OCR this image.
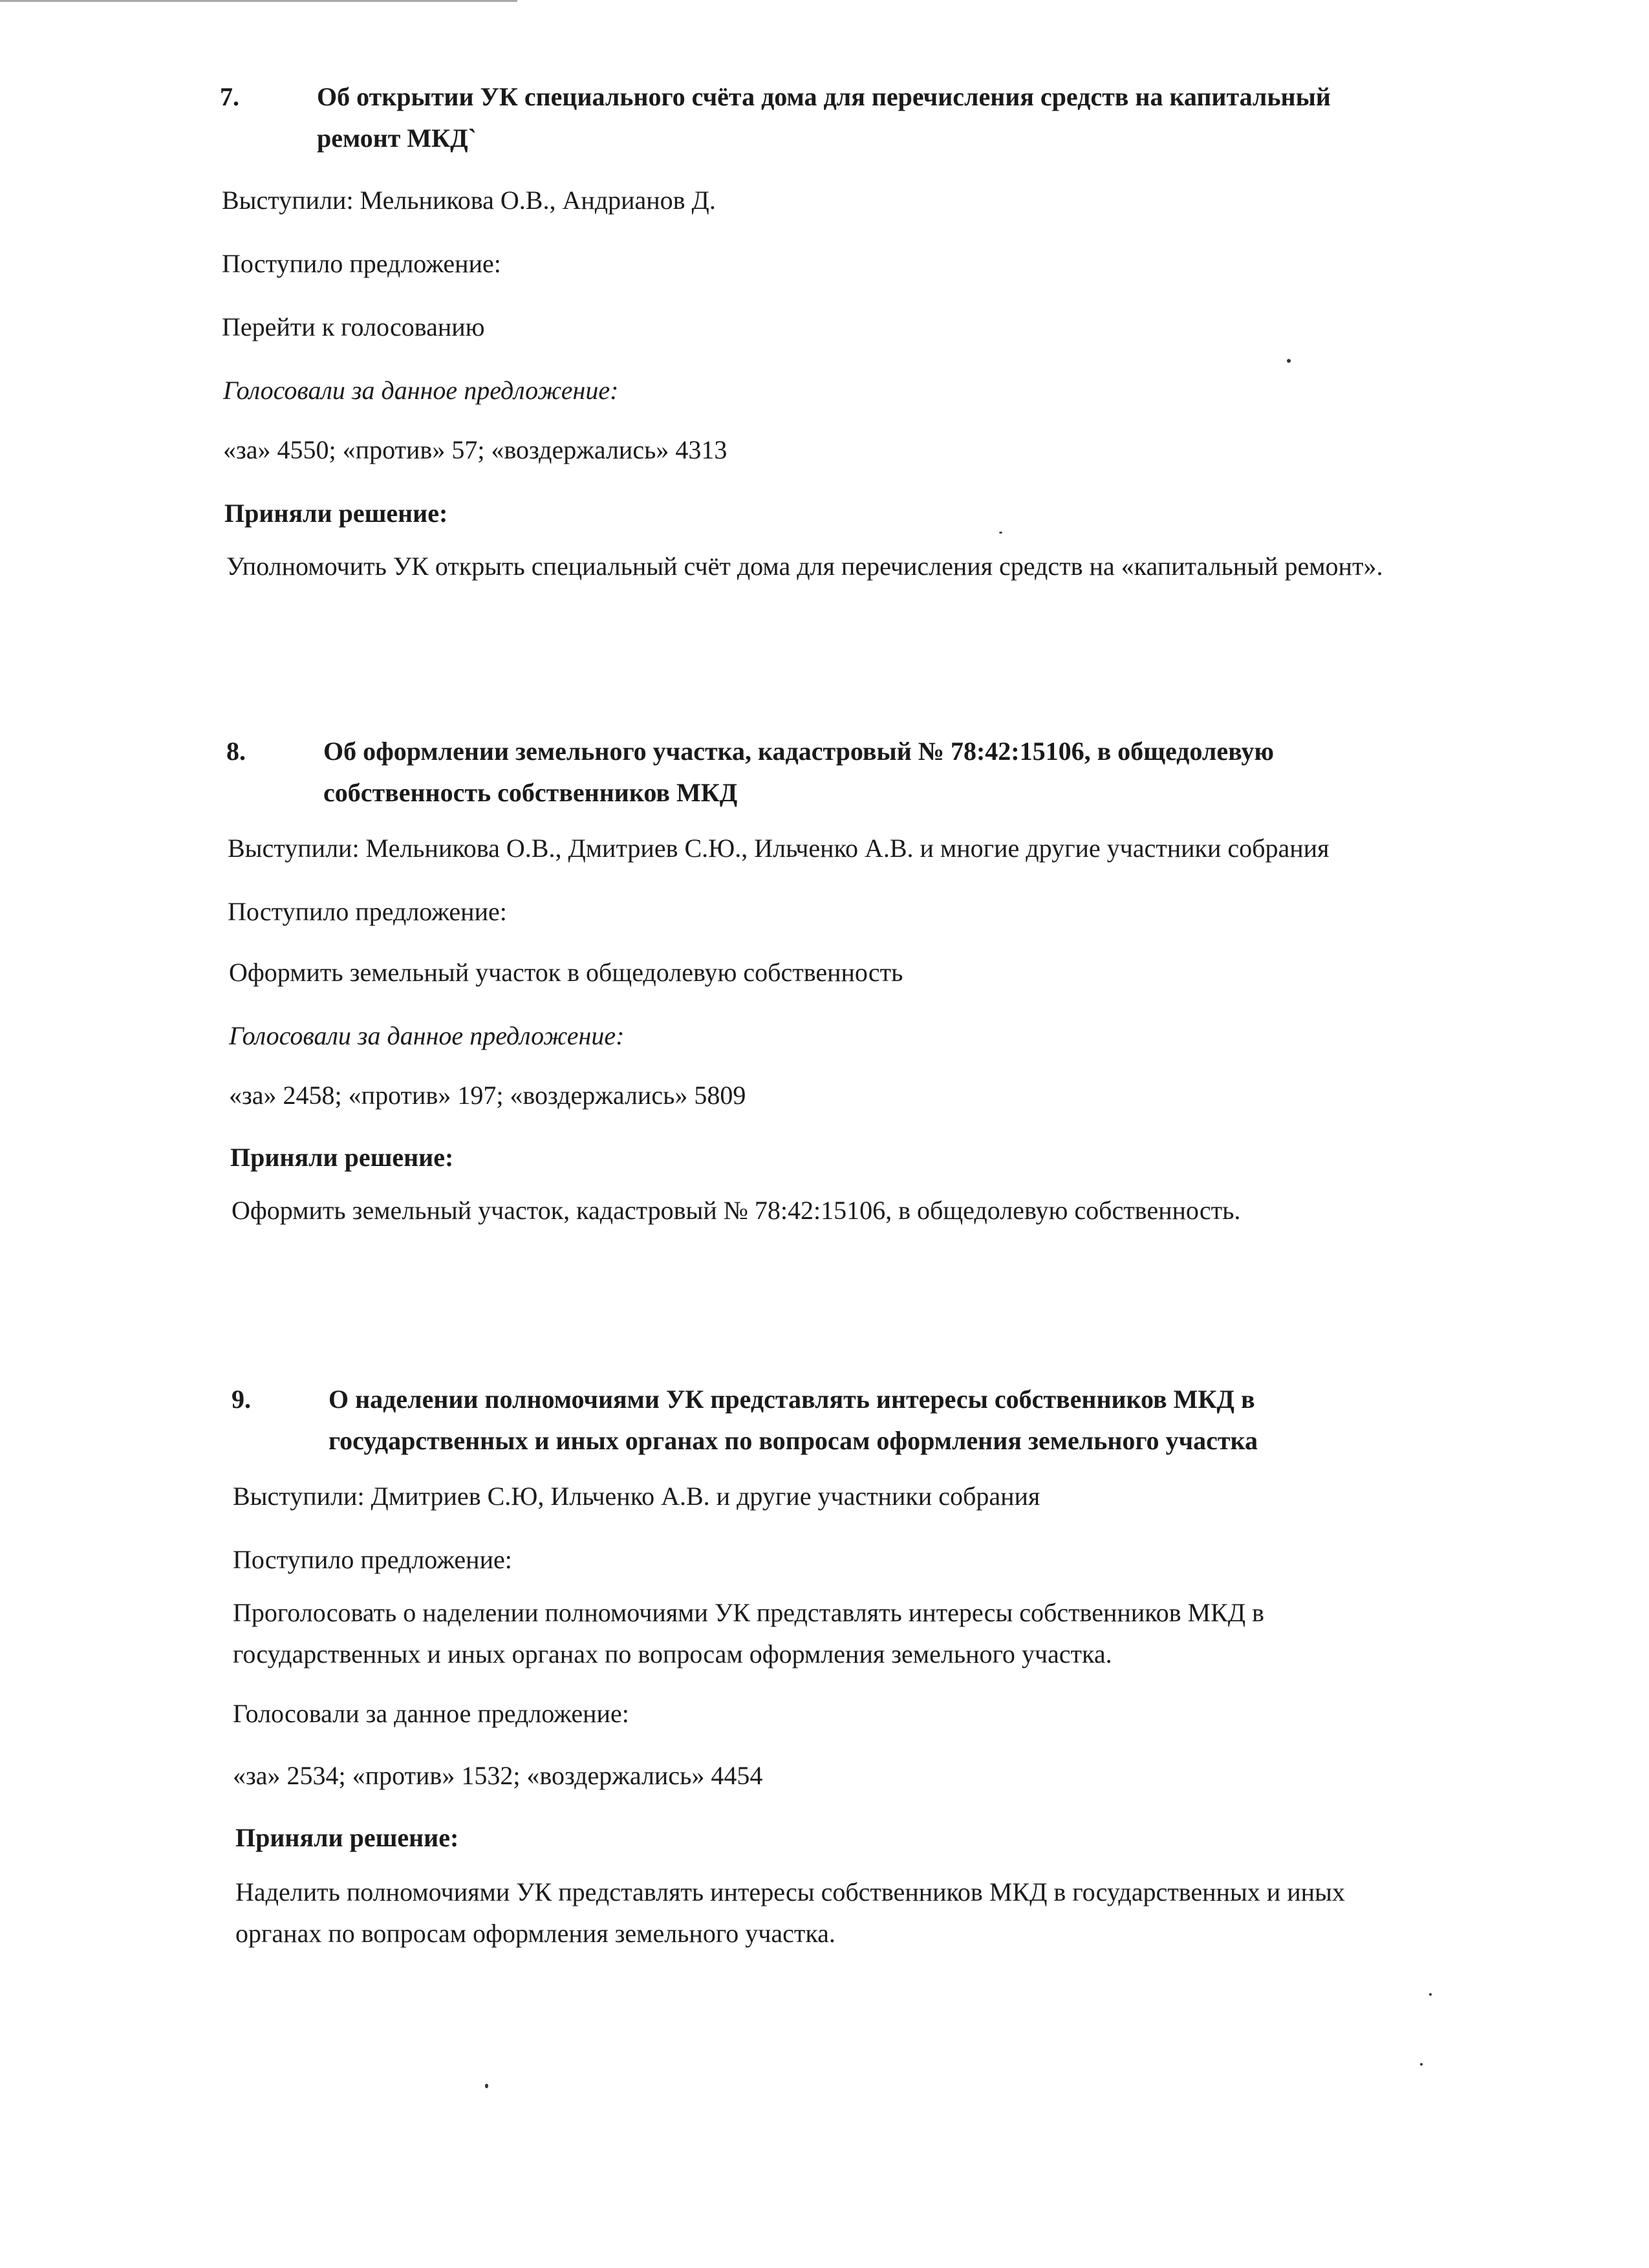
7.	Об открытии УК специального счёта дома для перечисления средств на капитальный
ремонт МКД`
Выступили: Мельникова О.В., Андрианов Д.
Поступило предложение:
Перейти к голосованию
Голосовали за данное предложение:
«за» 4550; «против» 57; «воздержались» 4313
Приняли решение:
Уполномочить УК открыть специальный счёт дома для перечисления средств на «капитальный ремонт».
8.	Об оформлении земельного участка, кадастровый № 78:42:15106, в общедолевую
собственность собственников МКД
Выступили: Мельникова О.В., Дмитриев С.Ю., Ильченко А.В. и многие другие участники собрания
Поступило предложение:
Оформить земельный участок в общедолевую собственность
Голосовали за данное предложение:
«за» 2458; «против» 197; «воздержались» 5809
Приняли решение:
Оформить земельный участок, кадастровый № 78:42:15106, в общедолевую собственность.
9.	О наделении полномочиями УК представлять интересы собственников МКД в
государственных и иных органах по вопросам оформления земельного участка
Выступили: Дмитриев С.Ю, Ильченко А.В. и другие участники собрания
Поступило предложение:
Проголосовать о наделении полномочиями УК представлять интересы собственников МКД в
государственных и иных органах по вопросам оформления земельного участка.
Голосовали за данное предложение:
«за» 2534; «против» 1532; «воздержались» 4454
Приняли решение:
Наделить полномочиями УК представлять интересы собственников МКД в государственных и иных
органах по вопросам оформления земельного участка.
